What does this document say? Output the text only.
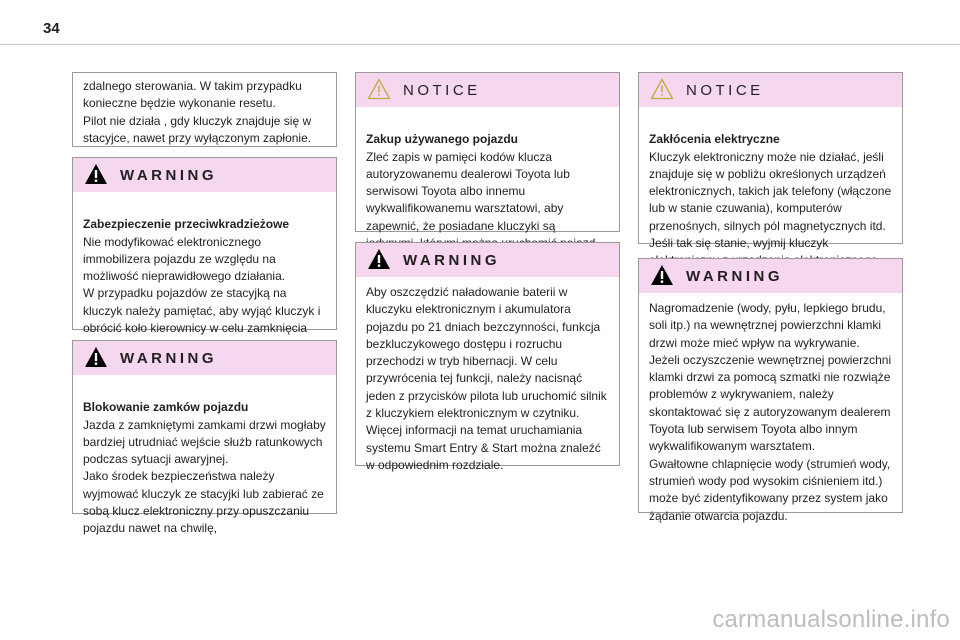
34
zdalnego sterowania. W takim przypadku konieczne będzie wykonanie resetu.
Pilot nie działa , gdy kluczyk znajduje się w stacyjce, nawet przy wyłączonym zapłonie.
WARNING

Zabezpieczenie przeciwkradzieżowe

Nie modyfikować elektronicznego immobilizera pojazdu ze względu na możliwość nieprawidłowego działania.
W przypadku pojazdów ze stacyjką na kluczyk należy pamiętać, aby wyjąć kluczyk i obrócić koło kierownicy w celu zamknięcia

WARNING

Blokowanie zamków pojazdu

Jazda z zamkniętymi zamkami drzwi mogłaby bardziej utrudniać wejście służb ratunkowych podczas sytuacji awaryjnej.
Jako środek bezpieczeństwa należy wyjmować kluczyk ze stacyjki lub zabierać ze sobą klucz elektroniczny przy opuszczaniu pojazdu nawet na chwilę,

NOTICE

Zakup używanego pojazdu

Zleć zapis w pamięci kodów klucza autoryzowanemu dealerowi Toyota lub serwisowi Toyota albo innemu wykwalifikowanemu warsztatowi, aby zapewnić, że posiadane kluczyki są

WARNING
Aby oszczędzić naładowanie baterii w kluczyku elektronicznym i akumulatora pojazdu po 21 dniach bezczynności, funkcja bezkluczykowego dostępu i rozruchu przechodzi w tryb hibernacji. W celu przywrócenia tej funkcji, należy nacisnąć jeden z przycisków pilota lub uruchomić silnik z kluczykiem elektronicznym w czytniku.
Więcej informacji na temat uruchamiania systemu Smart Entry & Start można znaleźć w odpowiednim rozdziale.
NOTICE

Zakłócenia elektryczne

Kluczyk elektroniczny może nie działać, jeśli znajduje się w pobliżu określonych urządzeń elektronicznych, takich jak telefony (włączone lub w stanie czuwania), komputerów przenośnych, silnych pól magnetycznych itd. Jeśli tak się stanie, wyjmij kluczyk

WARNING
Nagromadzenie (wody, pyłu, lepkiego brudu, soli itp.) na wewnętrznej powierzchni klamki drzwi może mieć wpływ na wykrywanie.
Jeżeli oczyszczenie wewnętrznej powierzchni klamki drzwi za pomocą szmatki nie rozwiąże problemów z wykrywaniem, należy skontaktować się z autoryzowanym dealerem Toyota lub serwisem Toyota albo innym wykwalifikowanym warsztatem.
Gwałtowne chlapnięcie wody (strumień wody, strumień wody pod wysokim ciśnieniem itd.) może być zidentyfikowany przez system jako żądanie otwarcia pojazdu.
carmanualsonline.info
